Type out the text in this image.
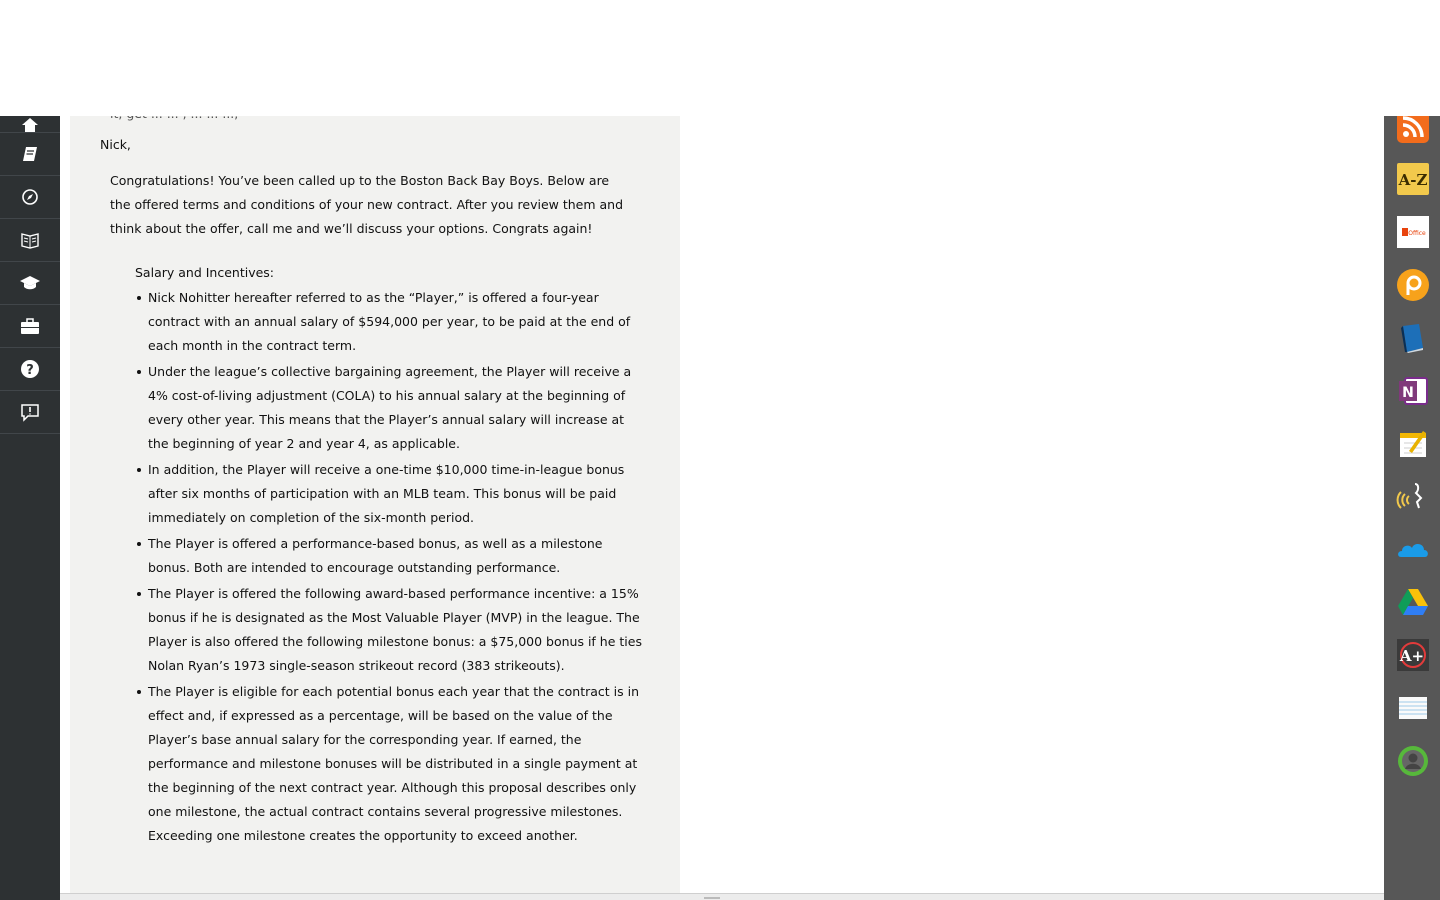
?
Nick,

Congratulations! You’ve been called up to the Boston Back Bay Boys. Below are the offered terms and conditions of your new contract. After you review them and think about the offer, call me and we’ll discuss your options. Congrats again!

Salary and Incentives:
Nick Nohitter hereafter referred to as the “Player,” is offered a four-year contract with an annual salary of $594,000 per year, to be paid at the end of each month in the contract term.
Under the league’s collective bargaining agreement, the Player will receive a 4% cost-of-living adjustment (COLA) to his annual salary at the beginning of every other year. This means that the Player’s annual salary will increase at the beginning of year 2 and year 4, as applicable.
In addition, the Player will receive a one-time $10,000 time-in-league bonus after six months of participation with an MLB team. This bonus will be paid immediately on completion of the six-month period.
The Player is offered a performance-based bonus, as well as a milestone bonus. Both are intended to encourage outstanding performance.
The Player is offered the following award-based performance incentive: a 15% bonus if he is designated as the Most Valuable Player (MVP) in the league. The Player is also offered the following milestone bonus: a $75,000 bonus if he ties Nolan Ryan’s 1973 single-season strikeout record (383 strikeouts).
The Player is eligible for each potential bonus each year that the contract is in effect and, if expressed as a percentage, will be based on the value of the Player’s base annual salary for the corresponding year. If earned, the performance and milestone bonuses will be distributed in a single payment at the beginning of the next contract year. Although this proposal describes only one milestone, the actual contract contains several progressive milestones. Exceeding one milestone creates the opportunity to exceed another.
A-Z
Office
N
A+
